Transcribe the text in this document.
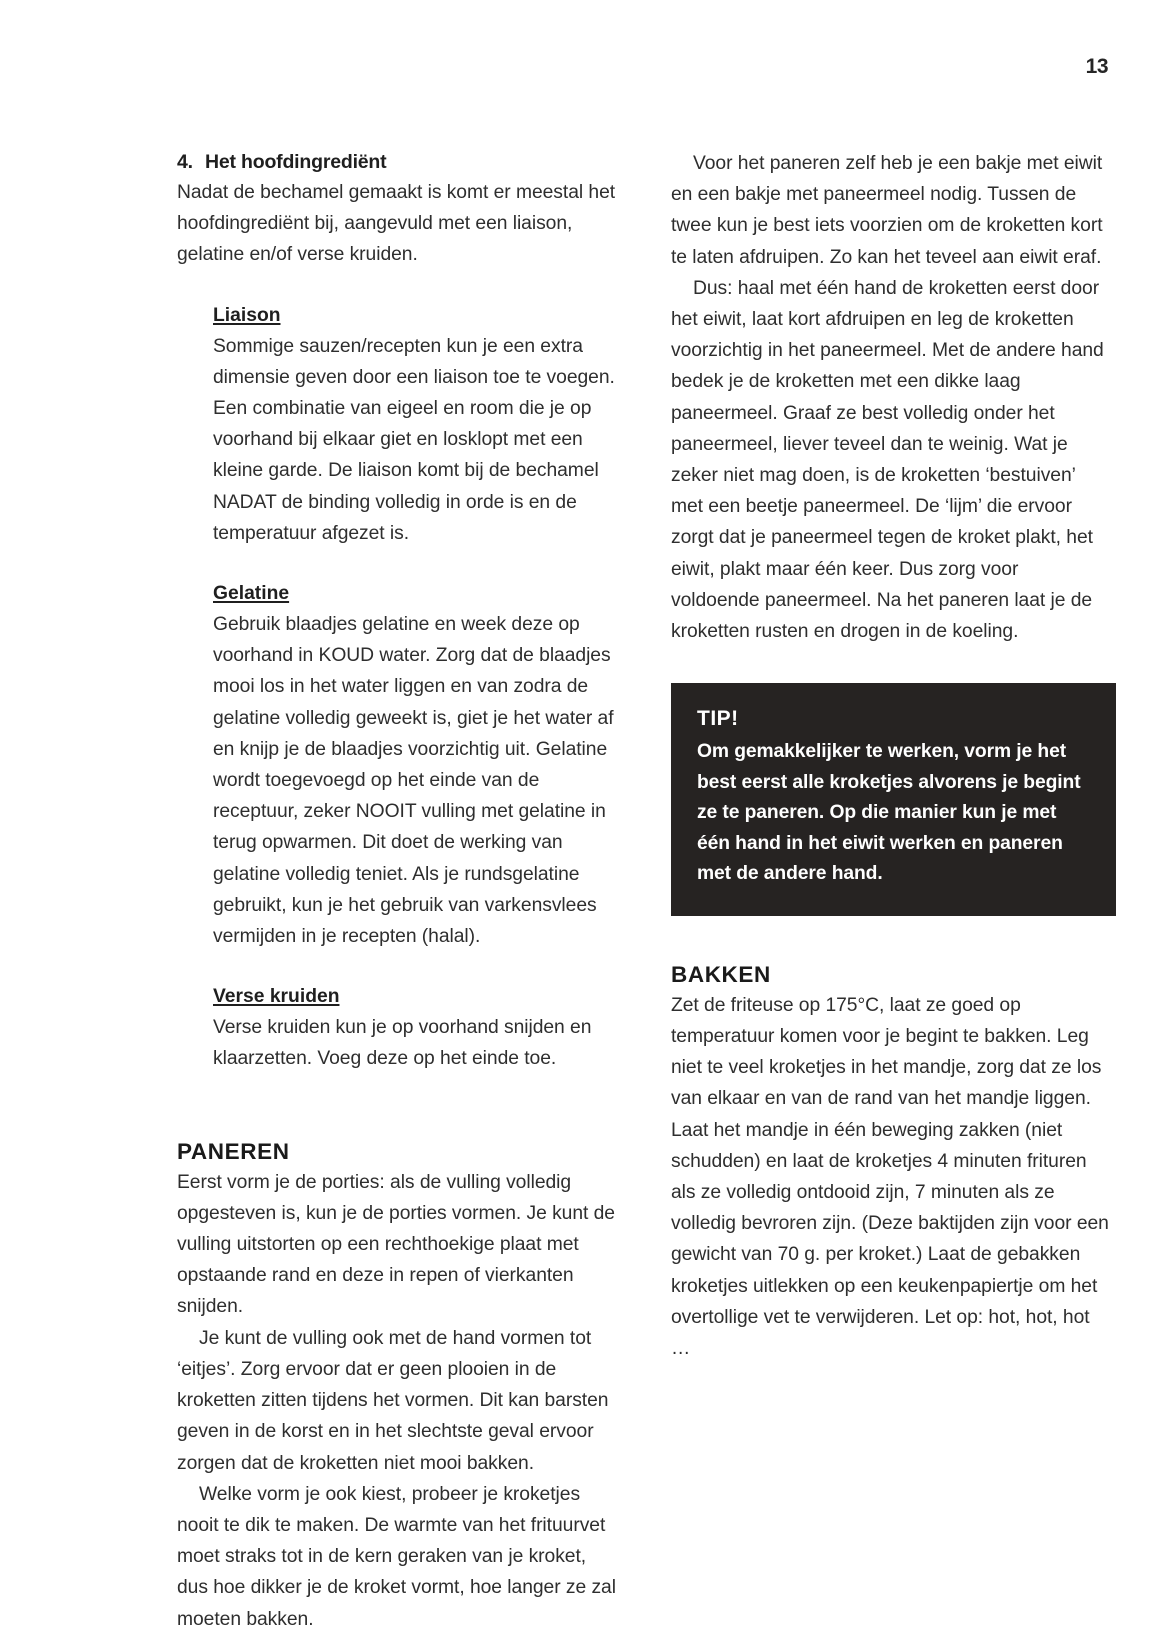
13
4. Het hoofdingrediënt

Nadat de bechamel gemaakt is komt er meestal het hoofdingrediënt bij, aangevuld met een liaison, gelatine en/of verse kruiden.

Liaison

Sommige sauzen/recepten kun je een extra dimensie geven door een liaison toe te voegen. Een combinatie van eigeel en room die je op voorhand bij elkaar giet en losklopt met een kleine garde. De liaison komt bij de bechamel NADAT de binding volledig in orde is en de temperatuur afgezet is.

Gelatine

Gebruik blaadjes gelatine en week deze op voorhand in KOUD water. Zorg dat de blaadjes mooi los in het water liggen en van zodra de gelatine volledig geweekt is, giet je het water af en knijp je de blaadjes voorzichtig uit. Gelatine wordt toegevoegd op het einde van de receptuur, zeker NOOIT vulling met gelatine in terug opwarmen. Dit doet de werking van gelatine volledig teniet. Als je rundsgelatine gebruikt, kun je het gebruik van varkensvlees vermijden in je recepten (halal).

Verse kruiden

Verse kruiden kun je op voorhand snijden en klaarzetten. Voeg deze op het einde toe.

PANEREN

Eerst vorm je de porties: als de vulling volledig opgesteven is, kun je de porties vormen. Je kunt de vulling uitstorten op een rechthoekige plaat met opstaande rand en deze in repen of vierkanten snijden.

Je kunt de vulling ook met de hand vormen tot ‘eitjes’. Zorg ervoor dat er geen plooien in de kroketten zitten tijdens het vormen. Dit kan barsten geven in de korst en in het slechtste geval ervoor zorgen dat de kroketten niet mooi bakken.

Welke vorm je ook kiest, probeer je kroketjes nooit te dik te maken. De warmte van het frituurvet moet straks tot in de kern geraken van je kroket, dus hoe dikker je de kroket vormt, hoe langer ze zal moeten bakken.

Voor het paneren zelf heb je een bakje met eiwit en een bakje met paneermeel nodig. Tussen de twee kun je best iets voorzien om de kroketten kort te laten afdruipen. Zo kan het teveel aan eiwit eraf.

Dus: haal met één hand de kroketten eerst door het eiwit, laat kort afdruipen en leg de kroketten voorzichtig in het paneermeel. Met de andere hand bedek je de kroketten met een dikke laag paneermeel. Graaf ze best volledig onder het paneermeel, liever teveel dan te weinig. Wat je zeker niet mag doen, is de kroketten ‘bestuiven’ met een beetje paneermeel. De ‘lijm’ die ervoor zorgt dat je paneermeel tegen de kroket plakt, het eiwit, plakt maar één keer. Dus zorg voor voldoende paneermeel. Na het paneren laat je de kroketten rusten en drogen in de koeling.

TIP!

Om gemakkelijker te werken, vorm je het best eerst alle kroketjes alvorens je begint ze te paneren. Op die manier kun je met één hand in het eiwit werken en paneren met de andere hand.

BAKKEN

Zet de friteuse op 175°C, laat ze goed op temperatuur komen voor je begint te bakken. Leg niet te veel kroketjes in het mandje, zorg dat ze los van elkaar en van de rand van het mandje liggen. Laat het mandje in één beweging zakken (niet schudden) en laat de kroketjes 4 minuten frituren als ze volledig ontdooid zijn, 7 minuten als ze volledig bevroren zijn. (Deze baktijden zijn voor een gewicht van 70 g. per kroket.) Laat de gebakken kroketjes uitlekken op een keukenpapiertje om het overtollige vet te verwijderen. Let op: hot, hot, hot …
